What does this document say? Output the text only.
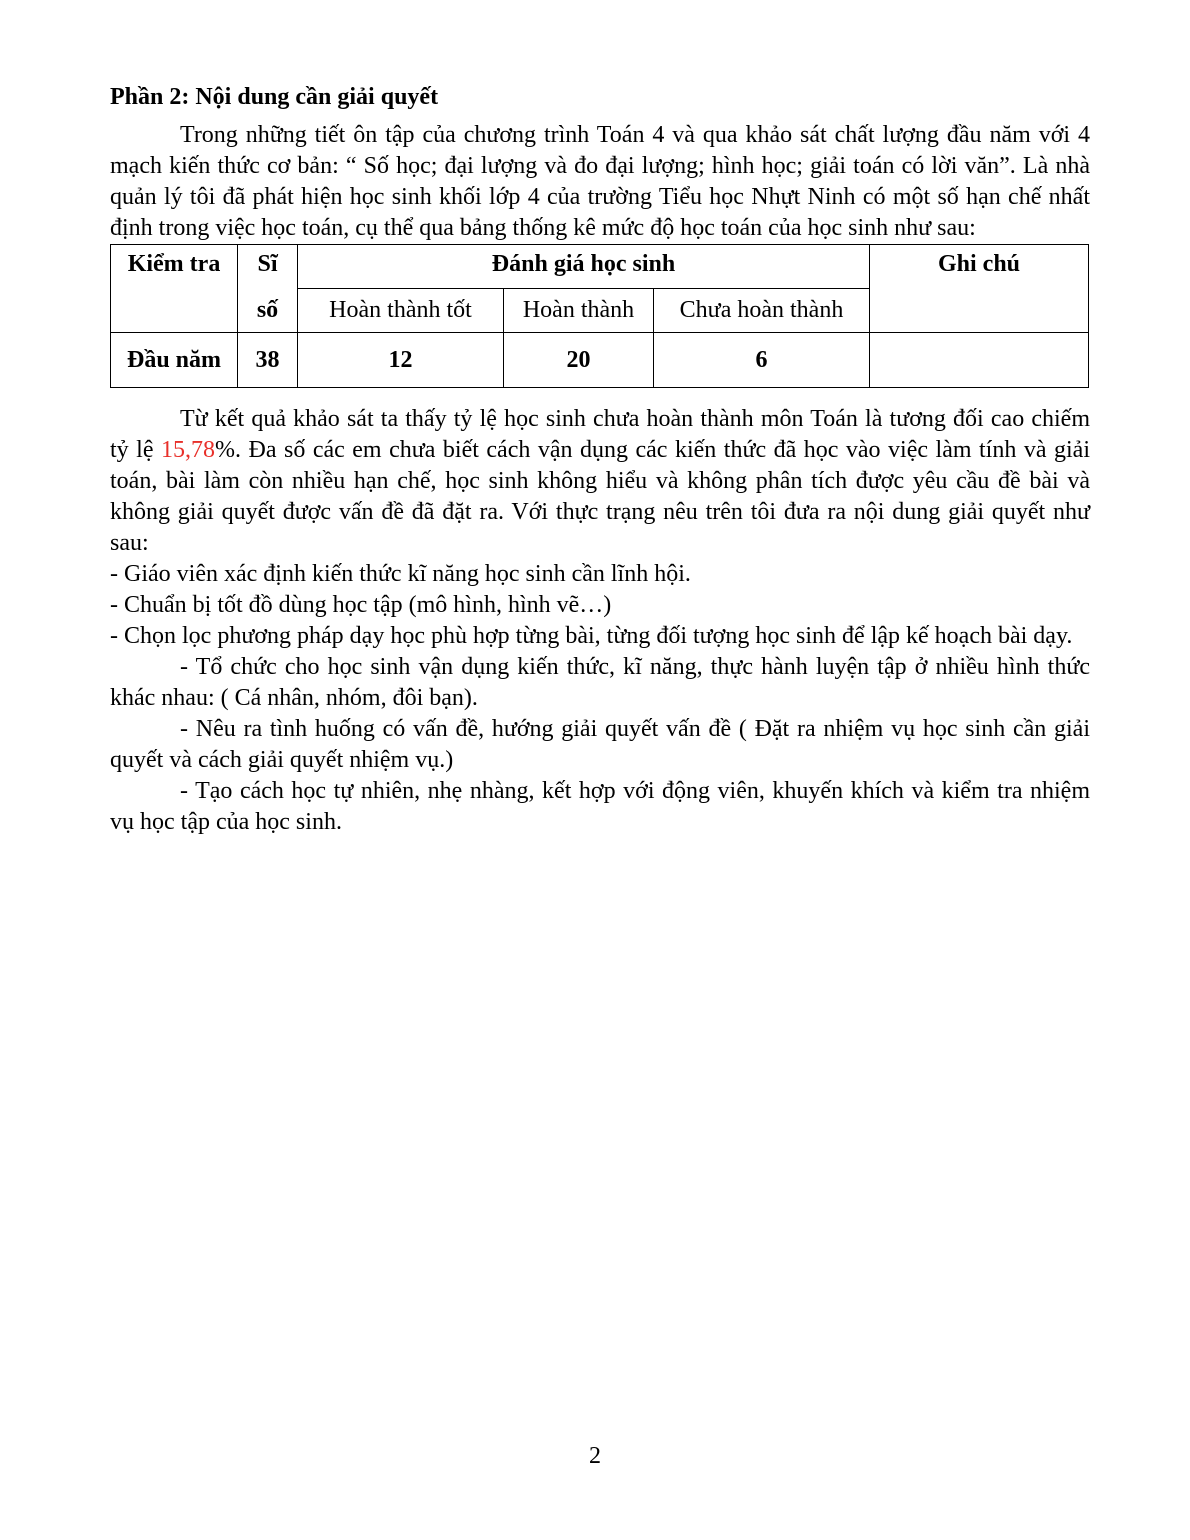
Phần 2: Nội dung cần giải quyết

Trong những tiết ôn tập của chương trình Toán 4 và qua khảo sát chất lượng đầu năm với 4 mạch kiến thức cơ bản: “ Số học; đại lượng và đo đại lượng; hình học; giải toán có lời văn”. Là nhà quản lý tôi đã phát hiện học sinh khối lớp 4 của trường Tiểu học Nhựt Ninh có một số hạn chế nhất định trong việc học toán, cụ thể qua bảng thống kê mức độ học toán của học sinh như sau:

Kiểm tra	Sĩ	Đánh giá học sinh			Ghi chú
	số	Hoàn thành tốt	Hoàn thành	Chưa hoàn thành	
Đầu năm	38	12	20	6	

Từ kết quả khảo sát ta thấy tỷ lệ học sinh chưa hoàn thành môn Toán là tương đối cao chiếm tỷ lệ 15,78%. Đa số các em chưa biết cách vận dụng các kiến thức đã học vào việc làm tính và giải toán, bài làm còn nhiều hạn chế, học sinh không hiểu và không phân tích được yêu cầu đề bài và không giải quyết được vấn đề đã đặt ra. Với thực trạng nêu trên tôi đưa ra nội dung giải quyết như sau:

- Giáo viên xác định kiến thức kĩ năng học sinh cần lĩnh hội.

- Chuẩn bị tốt đồ dùng học tập (mô hình, hình vẽ…)

- Chọn lọc phương pháp dạy học phù hợp từng bài, từng đối tượng học sinh để lập kế hoạch bài dạy.

- Tổ chức cho học sinh vận dụng kiến thức, kĩ năng, thực hành luyện tập ở nhiều hình thức khác nhau: ( Cá nhân, nhóm, đôi bạn).

- Nêu ra tình huống có vấn đề, hướng giải quyết vấn đề ( Đặt ra nhiệm vụ học sinh cần giải quyết và cách giải quyết nhiệm vụ.)

- Tạo cách học tự nhiên, nhẹ nhàng, kết hợp với động viên, khuyến khích và kiểm tra nhiệm vụ học tập của học sinh.

2
